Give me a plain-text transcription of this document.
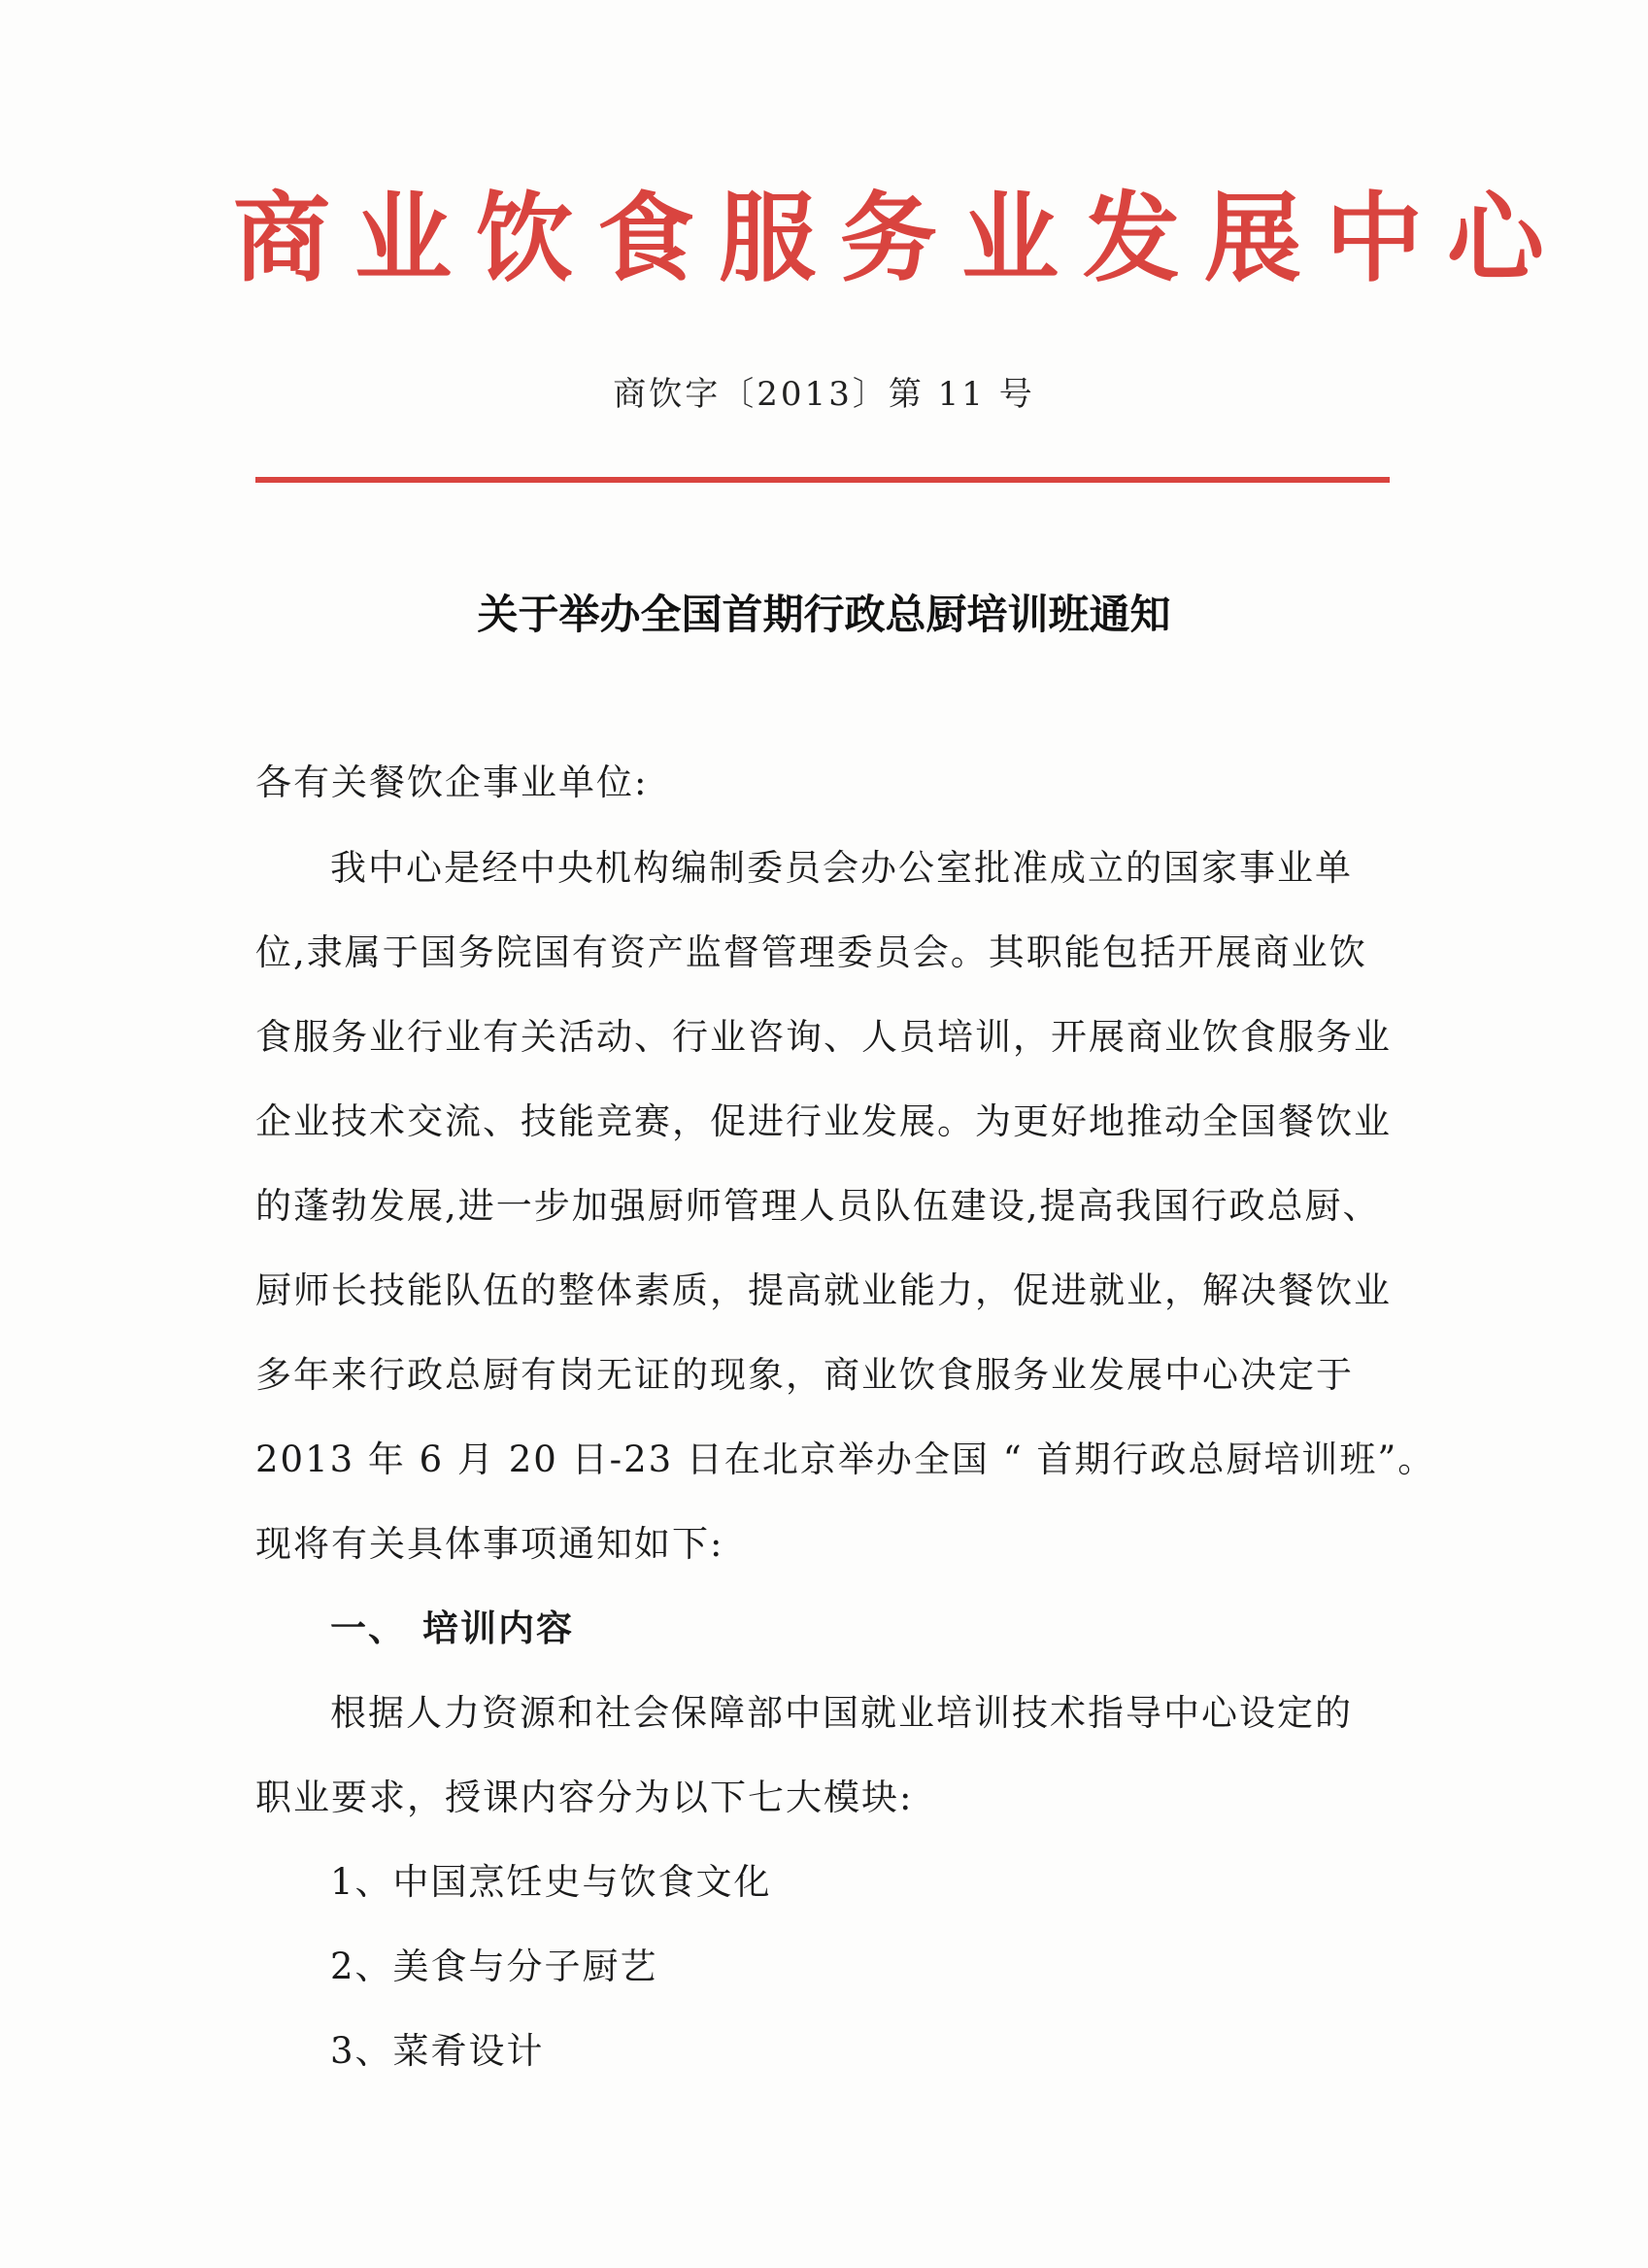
商业饮食服务业发展中心
商饮字〔2013〕第 11 号
关于举办全国首期行政总厨培训班通知
各有关餐饮企事业单位:
我中心是经中央机构编制委员会办公室批准成立的国家事业单
位,隶属于国务院国有资产监督管理委员会。其职能包括开展商业饮
食服务业行业有关活动、行业咨询、人员培训，开展商业饮食服务业
企业技术交流、技能竞赛，促进行业发展。为更好地推动全国餐饮业
的蓬勃发展,进一步加强厨师管理人员队伍建设,提高我国行政总厨、
厨师长技能队伍的整体素质，提高就业能力，促进就业，解决餐饮业
多年来行政总厨有岗无证的现象，商业饮食服务业发展中心决定于
2013 年 6 月 20 日-23 日在北京举办全国 “ 首期行政总厨培训班”。
现将有关具体事项通知如下:
一、 培训内容
根据人力资源和社会保障部中国就业培训技术指导中心设定的
职业要求，授课内容分为以下七大模块:
1、中国烹饪史与饮食文化
2、美食与分子厨艺
3、菜肴设计
